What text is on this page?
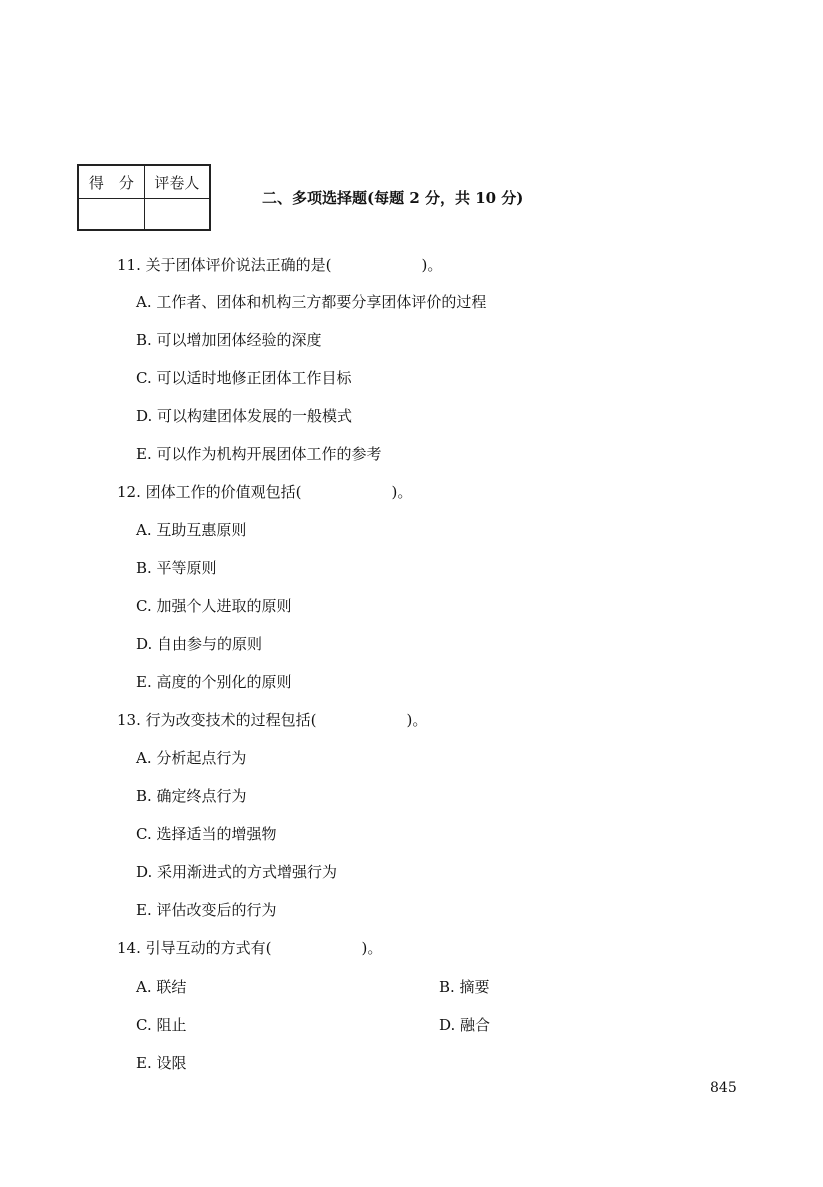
得　分	评卷人

二、多项选择题(每题 2 分，共 10 分)
11. 关于团体评价说法正确的是(　　　　　　)。
A. 工作者、团体和机构三方都要分享团体评价的过程
B. 可以增加团体经验的深度
C. 可以适时地修正团体工作目标
D. 可以构建团体发展的一般模式
E. 可以作为机构开展团体工作的参考
12. 团体工作的价值观包括(　　　　　　)。
A. 互助互惠原则
B. 平等原则
C. 加强个人进取的原则
D. 自由参与的原则
E. 高度的个别化的原则
13. 行为改变技术的过程包括(　　　　　　)。
A. 分析起点行为
B. 确定终点行为
C. 选择适当的增强物
D. 采用渐进式的方式增强行为
E. 评估改变后的行为
14. 引导互动的方式有(　　　　　　)。
A. 联结	B. 摘要
C. 阻止	D. 融合
E. 设限
845
